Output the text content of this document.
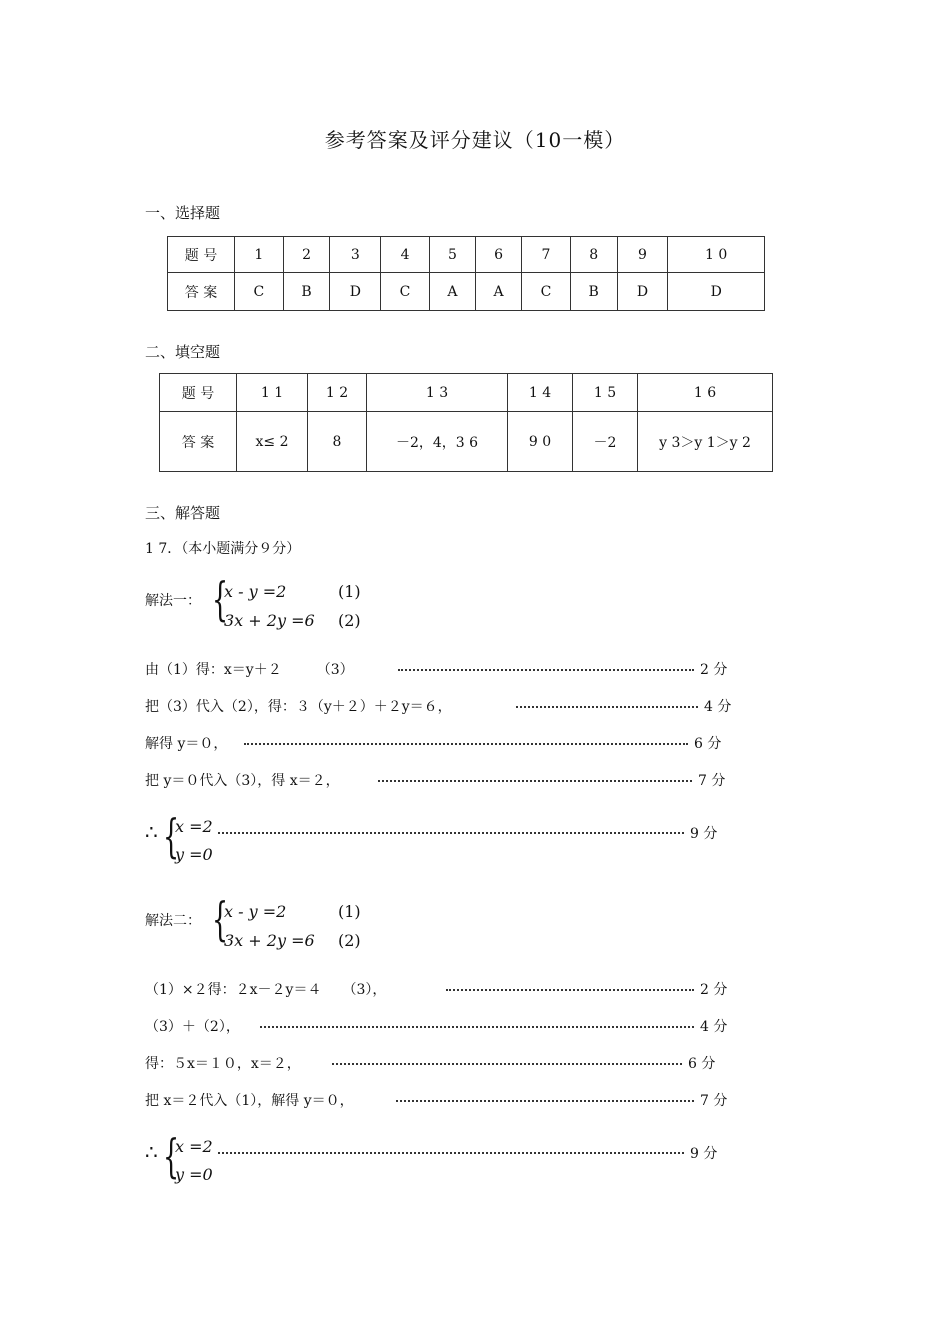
参考答案及评分建议（10一模）
一、选择题
题 号	1	2	3	4	5	6	7	8	9	1 0
答 案	C	B	D	C	A	A	C	B	D	D
二、填空题
题 号	1 1	1 2	1 3	1 4	1 5	1 6
答 案	x≤ 2	8	－2，4，3 6	9 0	－2	y 3＞y 1＞y 2
三、解答题
1 7．（本小题满分９分）
解法一： {
x - y =2	(1)
3x + 2y =6 (2)
由（1）得：x＝y＋２　　　（3）	2 分
把（3）代入（2），得：３（y＋２）＋２y＝６，	4 分
解得 y＝０，	6 分
把 y＝０代入（3），得 x＝２，	7 分
∴ {
x =2
y =0
9 分
解法二： {
x - y =2	(1)
3x + 2y =6 (2)
（1）×２得：２x－２y＝４　　（3），	2 分
（3）＋（2），	4 分
得：５x＝１０，x＝２，	6 分
把 x＝２代入（1），解得 y＝０，	7 分
∴ {
x =2
y =0
9 分
